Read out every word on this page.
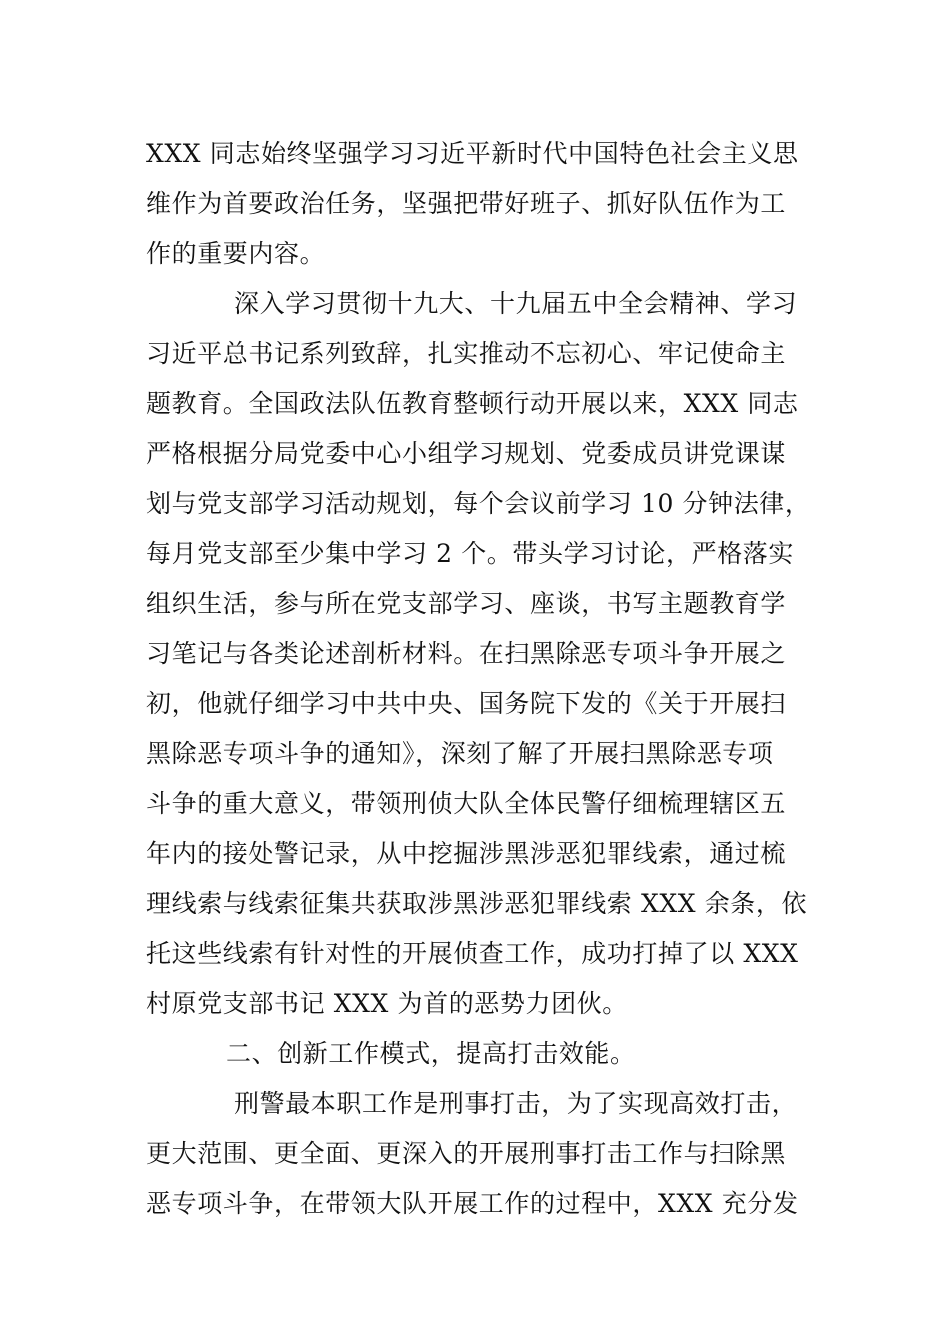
XXX 同志始终坚强学习习近平新时代中国特色社会主义思
维作为首要政治任务，坚强把带好班子、抓好队伍作为工
作的重要内容。
深入学习贯彻十九大、十九届五中全会精神、学习
习近平总书记系列致辞，扎实推动不忘初心、牢记使命主
题教育。全国政法队伍教育整顿行动开展以来，XXX 同志
严格根据分局党委中心小组学习规划、党委成员讲党课谋
划与党支部学习活动规划，每个会议前学习 10 分钟法律，
每月党支部至少集中学习 2 个。带头学习讨论，严格落实
组织生活，参与所在党支部学习、座谈，书写主题教育学
习笔记与各类论述剖析材料。在扫黑除恶专项斗争开展之
初，他就仔细学习中共中央、国务院下发的《关于开展扫
黑除恶专项斗争的通知》，深刻了解了开展扫黑除恶专项
斗争的重大意义，带领刑侦大队全体民警仔细梳理辖区五
年内的接处警记录，从中挖掘涉黑涉恶犯罪线索，通过梳
理线索与线索征集共获取涉黑涉恶犯罪线索 XXX 余条，依
托这些线索有针对性的开展侦查工作，成功打掉了以 XXX
村原党支部书记 XXX 为首的恶势力团伙。
二、创新工作模式，提高打击效能。
刑警最本职工作是刑事打击，为了实现高效打击，
更大范围、更全面、更深入的开展刑事打击工作与扫除黑
恶专项斗争，在带领大队开展工作的过程中，XXX 充分发
